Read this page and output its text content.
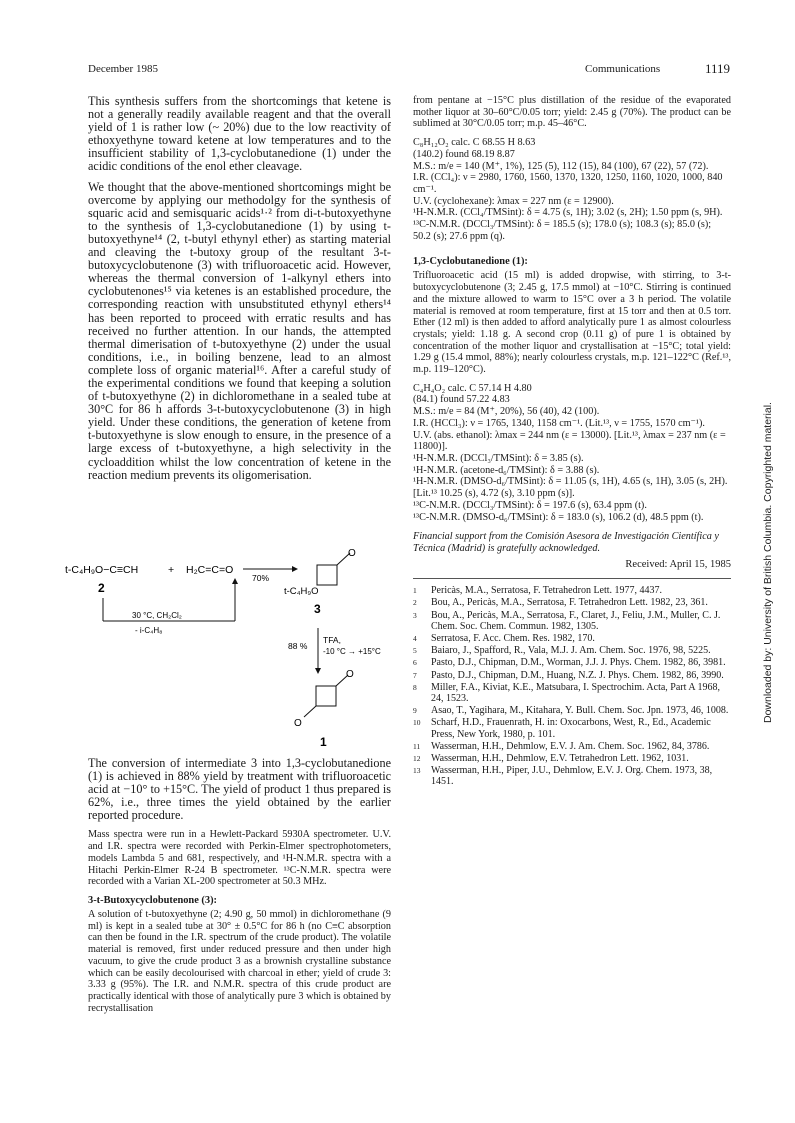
December 1985	Communications	1119

This synthesis suffers from the shortcomings that ketene is not a generally readily available reagent and that the overall yield of 1 is rather low (~ 20%) due to the low reactivity of ethoxyethyne toward ketene at low temperatures and to the insufficient stability of 1,3-cyclobutanedione (1) under the acidic conditions of the enol ether cleavage.

We thought that the above-mentioned shortcomings might be overcome by applying our methodolgy for the synthesis of squaric acid and semisquaric acids¹·² from di-t-butoxyethyne to the synthesis of 1,3-cyclobutanedione (1) by using t-butoxyethyne¹⁴ (2, t-butyl ethynyl ether) as starting material and cleaving the t-butoxy group of the resultant 3-t-butoxycyclobutenone (3) with trifluoroacetic acid. However, whereas the thermal conversion of 1-alkynyl ethers into cyclobutenones¹⁵ via ketenes is an established procedure, the corresponding reaction with unsubstituted ethynyl ethers¹⁴ has been reported to proceed with erratic results and has received no further attention. In our hands, the attempted thermal dimerisation of t-butoxyethyne (2) under the usual conditions, i.e., in boiling benzene, lead to an almost complete loss of organic material¹⁶. After a careful study of the experimental conditions we found that keeping a solution of t-butoxyethyne (2) in dichloromethane in a sealed tube at 30°C for 86 h affords 3-t-butoxycyclobutenone (3) in high yield. Under these conditions, the generation of ketene from t-butoxyethyne is slow enough to ensure, in the presence of a large excess of t-butoxyethyne, a high selectivity in the cycloaddition whilst the low concentration of ketene in the reaction medium prevents its oligomerisation.

t-C₄H₉O−C≡CH	+ H₂C=C=O
70%
2
30 °C, CH₂Cl₂
- i-C₄H₈
O
t-C₄H₉O
3
88 %
TFA,
-10 °C → +15°C
O
O
1

The conversion of intermediate 3 into 1,3-cyclobutanedione (1) is achieved in 88% yield by treatment with trifluoroacetic acid at −10° to +15°C. The yield of product 1 thus prepared is 62%, i.e., three times the yield obtained by the earlier reported procedure.

Mass spectra were run in a Hewlett-Packard 5930A spectrometer. U.V. and I.R. spectra were recorded with Perkin-Elmer spectrophotometers, models Lambda 5 and 681, respectively, and ¹H-N.M.R. spectra with a Hitachi Perkin-Elmer R-24 B spectrometer. ¹³C-N.M.R. spectra were recorded with a Varian XL-200 spectrometer at 50.3 MHz.

3-t-Butoxycyclobutenone (3):

A solution of t-butoxyethyne (2; 4.90 g, 50 mmol) in dichloromethane (9 ml) is kept in a sealed tube at 30° ± 0.5°C for 86 h (no C≡C absorption can then be found in the I.R. spectrum of the crude product). The volatile material is removed, first under reduced pressure and then under high vacuum, to give the crude product 3 as a brownish crystalline substance which can be easily decolourised with charcoal in ether; yield of crude 3: 3.33 g (95%). The I.R. and N.M.R. spectra of this crude product are practically identical with those of analytically pure 3 which is obtained by recrystallisation

from pentane at −15°C plus distillation of the residue of the evaporated mother liquor at 30–60°C/0.05 torr; yield: 2.45 g (70%). The product can be sublimed at 30°C/0.05 torr; m.p. 45–46°C.

C₈H₁₂O₂ calc. C 68.55 H 8.63
(140.2) found 68.19 8.87
M.S.: m/e = 140 (M⁺, 1%), 125 (5), 112 (15), 84 (100), 67 (22), 57 (72).
I.R. (CCl₄): ν = 2980, 1760, 1560, 1370, 1320, 1250, 1160, 1020, 1000, 840 cm⁻¹.
U.V. (cyclohexane): λmax = 227 nm (ε = 12900).
¹H-N.M.R. (CCl₄/TMSint): δ = 4.75 (s, 1H); 3.02 (s, 2H); 1.50 ppm (s, 9H).
¹³C-N.M.R. (DCCl₃/TMSint): δ = 185.5 (s); 178.0 (s); 108.3 (s); 85.0 (s); 50.2 (s); 27.6 ppm (q).
1,3-Cyclobutanedione (1):

Trifluoroacetic acid (15 ml) is added dropwise, with stirring, to 3-t-butoxycyclobutenone (3; 2.45 g, 17.5 mmol) at −10°C. Stirring is continued and the mixture allowed to warm to 15°C over a 3 h period. The volatile material is removed at room temperature, first at 15 torr and then at 0.5 torr. Ether (12 ml) is then added to afford analytically pure 1 as almost colourless crystals; yield: 1.18 g. A second crop (0.11 g) of pure 1 is obtained by concentration of the mother liquor and crystallisation at −15°C; total yield: 1.29 g (15.4 mmol, 88%); nearly colourless crystals, m.p. 121–122°C (Ref.¹³, m.p. 119–120°C).

C₄H₄O₂ calc. C 57.14 H 4.80
(84.1) found 57.22 4.83
M.S.: m/e = 84 (M⁺, 20%), 56 (40), 42 (100).
I.R. (HCCl₃): ν = 1765, 1340, 1158 cm⁻¹. (Lit.¹³, ν = 1755, 1570 cm⁻¹).
U.V. (abs. ethanol): λmax = 244 nm (ε = 13000). [Lit.¹³, λmax = 237 nm (ε = 11800)].
¹H-N.M.R. (DCCl₃/TMSint): δ = 3.85 (s).
¹H-N.M.R. (acetone-d₆/TMSint): δ = 3.88 (s).
¹H-N.M.R. (DMSO-d₆/TMSint): δ = 11.05 (s, 1H), 4.65 (s, 1H), 3.05 (s, 2H). [Lit.¹³ 10.25 (s), 4.72 (s), 3.10 ppm (s)].
¹³C-N.M.R. (DCCl₃/TMSint): δ = 197.6 (s), 63.4 ppm (t).
¹³C-N.M.R. (DMSO-d₆/TMSint): δ = 183.0 (s), 106.2 (d), 48.5 ppm (t).
Financial support from the Comisión Asesora de Investigación Científica y Técnica (Madrid) is gratefully acknowledged.
Received: April 15, 1985
1	Pericàs, M.A., Serratosa, F. Tetrahedron Lett. 1977, 4437.
2	Bou, A., Pericàs, M.A., Serratosa, F. Tetrahedron Lett. 1982, 23, 361.
3	Bou, A., Pericàs, M.A., Serratosa, F., Claret, J., Feliu, J.M., Muller, C. J. Chem. Soc. Chem. Commun. 1982, 1305.
4	Serratosa, F. Acc. Chem. Res. 1982, 170.
5	Baiaro, J., Spafford, R., Vala, M.J. J. Am. Chem. Soc. 1976, 98, 5225.
6	Pasto, D.J., Chipman, D.M., Worman, J.J. J. Phys. Chem. 1982, 86, 3981.
7	Pasto, D.J., Chipman, D.M., Huang, N.Z. J. Phys. Chem. 1982, 86, 3990.
8	Miller, F.A., Kiviat, K.E., Matsubara, I. Spectrochim. Acta, Part A 1968, 24, 1523.
9	Asao, T., Yagihara, M., Kitahara, Y. Bull. Chem. Soc. Jpn. 1973, 46, 1008.
10	Scharf, H.D., Frauenrath, H. in: Oxocarbons, West, R., Ed., Academic Press, New York, 1980, p. 101.
11	Wasserman, H.H., Dehmlow, E.V. J. Am. Chem. Soc. 1962, 84, 3786.
12	Wasserman, H.H., Dehmlow, E.V. Tetrahedron Lett. 1962, 1031.
13	Wasserman, H.H., Piper, J.U., Dehmlow, E.V. J. Org. Chem. 1973, 38, 1451.
Downloaded by: University of British Columbia. Copyrighted material.
